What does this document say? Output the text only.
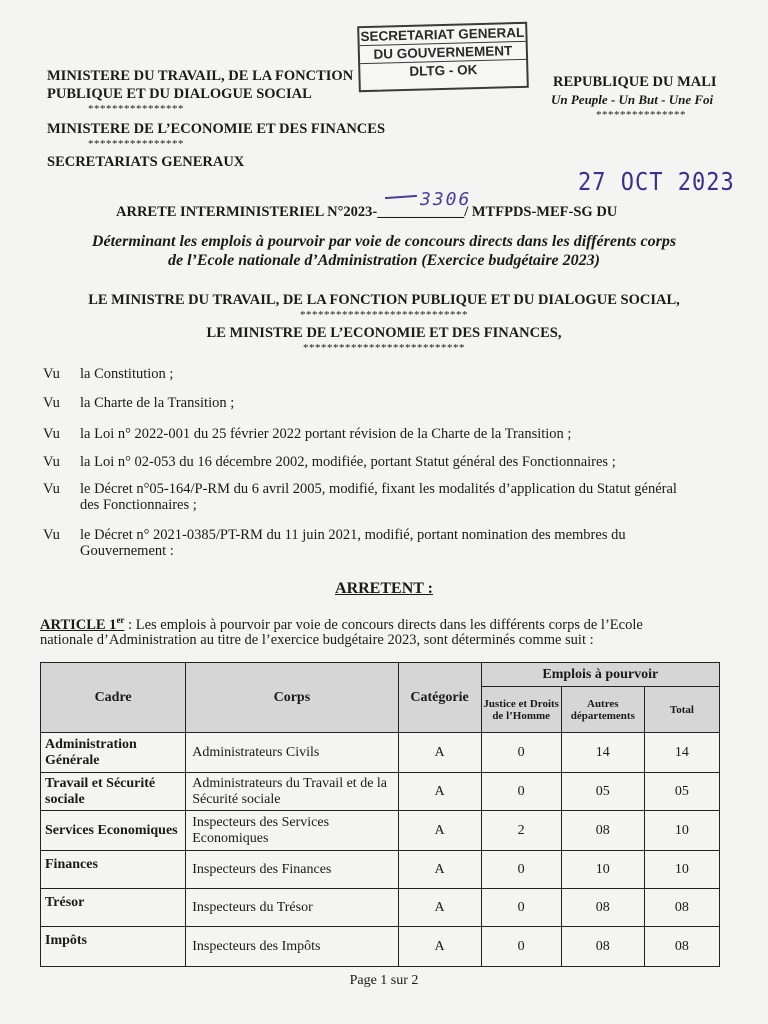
SECRETARIAT GENERAL
DU GOUVERNEMENT
DLTG - OK
MINISTERE DU TRAVAIL, DE LA FONCTION
PUBLIQUE ET DU DIALOGUE SOCIAL
****************
MINISTERE DE L’ECONOMIE ET DES FINANCES
****************
SECRETARIATS GENERAUX
REPUBLIQUE DU MALI
Un Peuple - Un But - Une Foi
***************
27 OCT 2023
3306
ARRETE INTERMINISTERIEL N°2023-____________/ MTFPDS-MEF-SG DU
Déterminant les emplois à pourvoir par voie de concours directs dans les différents corps
de l’Ecole nationale d’Administration (Exercice budgétaire 2023)
LE MINISTRE DU TRAVAIL, DE LA FONCTION PUBLIQUE ET DU DIALOGUE SOCIAL,
****************************
LE MINISTRE DE L’ECONOMIE ET DES FINANCES,
***************************
Vu la Constitution ;
Vu la Charte de la Transition ;
Vu la Loi n° 2022-001 du 25 février 2022 portant révision de la Charte de la Transition ;
Vu la Loi n° 02-053 du 16 décembre 2002, modifiée, portant Statut général des Fonctionnaires ;
Vu le Décret n°05-164/P-RM du 6 avril 2005, modifié, fixant les modalités d’application du Statut général
des Fonctionnaires ;
Vu le Décret n° 2021-0385/PT-RM du 11 juin 2021, modifié, portant nomination des membres du
Gouvernement :
ARRETENT :
ARTICLE 1er : Les emplois à pourvoir par voie de concours directs dans les différents corps de l’Ecole
nationale d’Administration au titre de l’exercice budgétaire 2023, sont déterminés comme suit :
Cadre	Corps	Catégorie	Emplois à pourvoir		
			Justice et Droits de l’Homme	Autres départements	Total
Administration Générale	Administrateurs Civils	A	0	14	14
Travail et Sécurité sociale	Administrateurs du Travail et de la Sécurité sociale	A	0	05	05
Services Economiques	Inspecteurs des Services Economiques	A	2	08	10
Finances	Inspecteurs des Finances	A	0	10	10
Trésor	Inspecteurs du Trésor	A	0	08	08
Impôts	Inspecteurs des Impôts	A	0	08	08
Page 1 sur 2
